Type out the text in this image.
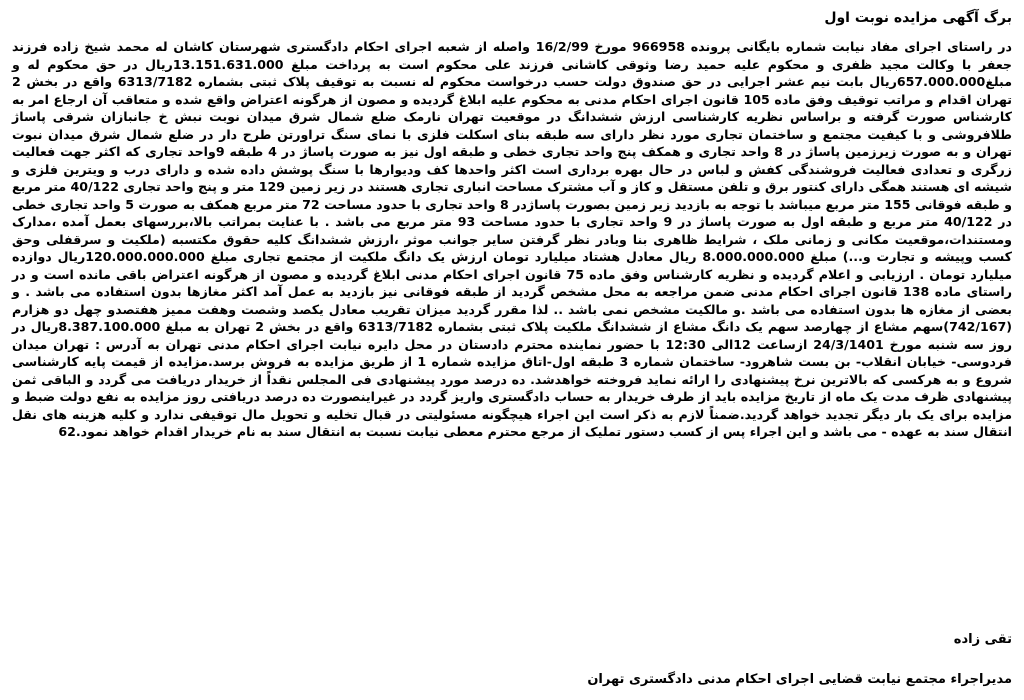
برگ آگهی مزایده نوبت اول

در راستای اجرای مفاد نیابت شماره بایگانی پرونده 966958 مورخ 16/2/99 واصله از شعبه اجرای احکام دادگستری شهرستان کاشان له محمد شیخ زاده فرزند جعفر با وکالت مجید ظفری و محکوم علیه حمید رضا وثوقی کاشانی فرزند علی محکوم است به پرداخت مبلغ 13.151.631.000ریال در حق محکوم له و مبلغ657.000.000ریال بابت نیم عشر اجرایی در حق صندوق دولت حسب درخواست محکوم له نسبت به توقیف پلاک ثبتی بشماره 6313/7182 واقع در بخش 2 تهران اقدام و مراتب توقیف وفق ماده 105 قانون اجرای احکام مدنی به محکوم علیه ابلاغ گردیده و مصون از هرگونه اعتراض واقع شده و متعاقب آن ارجاع امر به کارشناس صورت گرفته و براساس نظریه کارشناسی ارزش ششدانگ در موقعیت تهران نارمک ضلع شمال شرق میدان نوبت نبش خ جانبازان شرقی پاساژ طلافروشی و با کیفیت مجتمع و ساختمان تجاری مورد نظر دارای سه طبقه بنای اسکلت فلزی با نمای سنگ تراورتن طرح دار در ضلع شمال شرق میدان نبوت تهران و به صورت زیرزمین پاساژ در 8 واحد تجاری و همکف پنج واحد تجاری خطی و طبقه اول نیز به صورت پاساژ در 4 طبقه 9واحد تجاری که اکثر جهت فعالیت زرگری و تعدادی فعالیت فروشندگی کفش و لباس در حال بهره برداری است اکثر واحدها کف ودیوارها با سنگ پوشش داده شده و دارای درب و ویترین فلزی و شیشه ای هستند همگی دارای کنتور برق و تلفن مستقل و کاز و آب مشترک مساحت انباری تجاری هستند در زیر زمین 129 متر و پنج واحد تجاری 40/122 متر مربع و طبقه فوقانی 155 متر مربع میباشد با توجه به بازدید زیر زمین بصورت پاساژدر 8 واحد تجاری با حدود مساحت 72 متر مربع همکف به صورت 5 واحد تجاری خطی در 40/122 متر مربع و طبقه اول به صورت پاساژ در 9 واحد تجاری با حدود مساحت 93 متر مربع می باشد . با عنایت بمراتب بالا،بررسهای بعمل آمده ،مدارک ومستندات،موقعیت مکانی و زمانی ملک ، شرایط ظاهری بنا وبادر نظر گرفتن سایر جوانب موثر ،ارزش ششدانگ کلیه حقوق مکتسبه (ملکیت و سرقفلی وحق کسب وپیشه و تجارت و...) مبلغ 8.000.000.000 ریال معادل هشتاد میلیارد تومان ارزش یک دانگ ملکیت از مجتمع تجاری مبلغ 120.000.000.000ریال دوازده میلیارد تومان . ارزیابی و اعلام گردیده و نظریه کارشناس وفق ماده 75 قانون اجرای احکام مدنی ابلاغ گردیده و مصون از هرگونه اعتراض باقی مانده است و در راستای ماده 138 قانون اجرای احکام مدنی ضمن مراجعه به محل مشخص گردید از طبقه فوقانی نیز بازدید به عمل آمد اکثر مغازها بدون استفاده می باشد . و بعضی از مغازه ها بدون استفاده می باشد .و مالکیت مشخص نمی باشد .. لذا مقرر گردید میزان تقریب معادل یکصد وشصت وهفت ممیز هفتصدو چهل دو هزارم (742/167)سهم مشاع از چهارصد سهم یک دانگ مشاع از ششدانگ ملکیت پلاک ثبتی بشماره 6313/7182 واقع در بخش 2 تهران به مبلغ 8.387.100.000ریال در روز سه شنبه مورخ 24/3/1401 ازساعت 12الی 12:30 با حضور نماینده محترم دادستان در محل دایره نیابت اجرای احکام مدنی تهران به آدرس : تهران میدان فردوسی- خیابان انقلاب- بن بست شاهرود- ساختمان شماره 3 طبقه اول-اتاق مزایده شماره 1 از طریق مزایده به فروش برسد.مزایده از قیمت پایه کارشناسی شروع و به هرکسی که بالاترین نرخ پیشنهادی را ارائه نماید فروخته خواهدشد. ده درصد مورد پیشنهادی فی المجلس نقداً از خریدار دریافت می گردد و الباقی ثمن پیشنهادی ظرف مدت یک ماه از تاریخ مزایده باید از طرف خریدار به حساب دادگستری واریز گردد در غیراینصورت ده درصد دریافتی روز مزایده به نفع دولت ضبط و مزایده برای یک بار دیگر تجدید خواهد گردید.ضمناً لازم به ذکر است این اجراء هیچگونه مسئولیتی در قبال تخلیه و تحویل مال توقیفی ندارد و کلیه هزینه های نقل انتقال سند به عهده - می باشد و این اجراء پس از کسب دستور تملیک از مرجع محترم معطی نیابت نسبت به انتقال سند به نام خریدار اقدام خواهد نمود.62

تقی زاده
مدیراجراء مجتمع نیابت قضایی اجرای احکام مدنی دادگستری تهران
